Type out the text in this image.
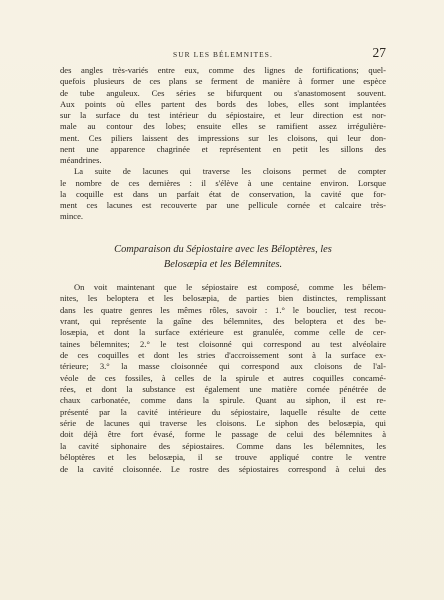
SUR LES BÉLEMNITES.	27
des angles très-variés entre eux, comme des lignes de fortifications; quel-
quefois plusieurs de ces plans se ferment de manière à former une espèce
de tube anguleux. Ces séries se bifurquent ou s'anastomosent souvent.
Aux points où elles partent des bords des lobes, elles sont implantées
sur la surface du test intérieur du sépiostaire, et leur direction est nor-
male au contour des lobes; ensuite elles se ramifient assez irrégulière-
ment. Ces piliers laissent des impressions sur les cloisons, qui leur don-
nent une apparence chagrinée et représentent en petit les sillons des
méandrines.
La suite de lacunes qui traverse les cloisons permet de compter
le nombre de ces dernières : il s'élève à une centaine environ. Lorsque
la coquille est dans un parfait état de conservation, la cavité que for-
ment ces lacunes est recouverte par une pellicule cornée et calcaire très-
mince.
Comparaison du Sépiostaire avec les Béloptères, les
Belosæpia et les Bélemnites.
On voit maintenant que le sépiostaire est composé, comme les bélem-
nites, les beloptera et les belosæpia, de parties bien distinctes, remplissant
dans les quatre genres les mêmes rôles, savoir : 1.° le bouclier, test recou-
vrant, qui représente la gaîne des bélemnites, des beloptera et des be-
losæpia, et dont la surface extérieure est granulée, comme celle de cer-
taines bélemnites; 2.° le test cloisonné qui correspond au test alvéolaire
de ces coquilles et dont les stries d'accroissement sont à la surface ex-
térieure; 3.° la masse cloisonnée qui correspond aux cloisons de l'al-
véole de ces fossiles, à celles de la spirule et autres coquilles concamé-
rées, et dont la substance est également une matière cornée pénétrée de
chaux carbonatée, comme dans la spirule. Quant au siphon, il est re-
présenté par la cavité intérieure du sépiostaire, laquelle résulte de cette
série de lacunes qui traverse les cloisons. Le siphon des belosæpia, qui
doit déjà être fort évasé, forme le passage de celui des bélemnites à
la cavité siphonaire des sépiostaires. Comme dans les bélemnites, les
béloptères et les belosæpia, il se trouve appliqué contre le ventre
de la cavité cloisonnée. Le rostre des sépiostaires correspond à celui des
